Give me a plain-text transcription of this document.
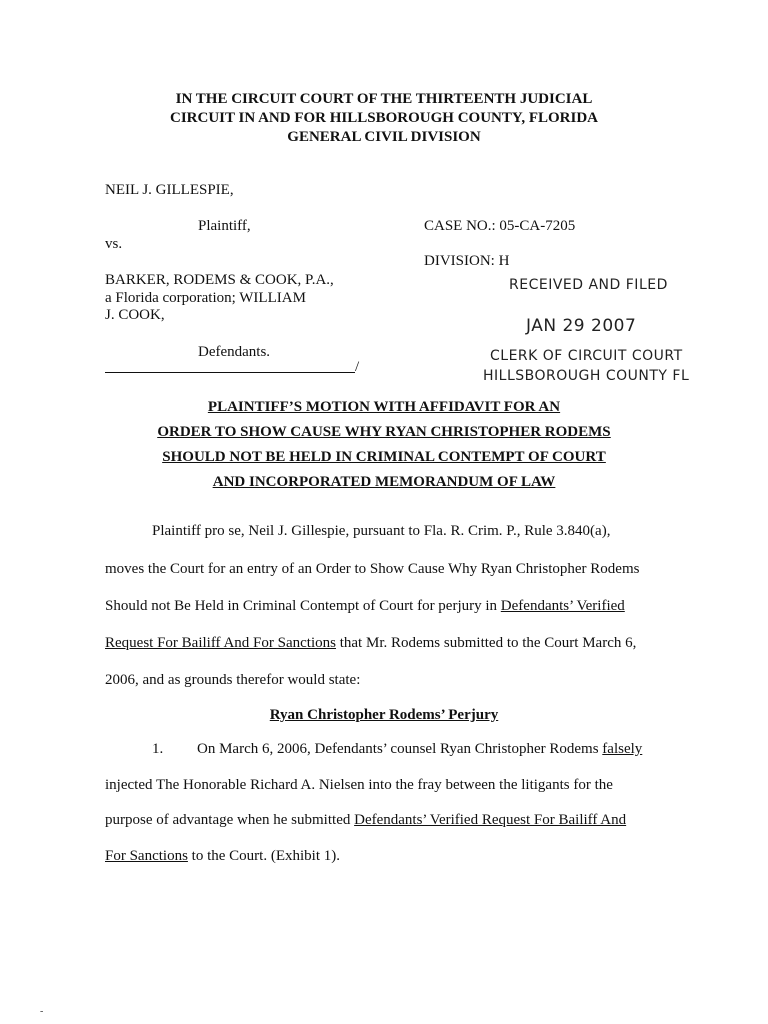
IN THE CIRCUIT COURT OF THE THIRTEENTH JUDICIAL
CIRCUIT IN AND FOR HILLSBOROUGH COUNTY, FLORIDA
GENERAL CIVIL DIVISION
NEIL J. GILLESPIE,
Plaintiff,
vs.
BARKER, RODEMS & COOK, P.A.,
a Florida corporation; WILLIAM
J. COOK,
Defendants.
/
CASE NO.: 05-CA-7205
DIVISION: H
RECEIVED AND FILED
JAN 29 2007
CLERK OF CIRCUIT COURT
HILLSBOROUGH COUNTY FL
PLAINTIFF’S MOTION WITH AFFIDAVIT FOR AN
ORDER TO SHOW CAUSE WHY RYAN CHRISTOPHER RODEMS
SHOULD NOT BE HELD IN CRIMINAL CONTEMPT OF COURT
AND INCORPORATED MEMORANDUM OF LAW
Plaintiff pro se, Neil J. Gillespie, pursuant to Fla. R. Crim. P., Rule 3.840(a),
moves the Court for an entry of an Order to Show Cause Why Ryan Christopher Rodems
Should not Be Held in Criminal Contempt of Court for perjury in Defendants’ Verified
Request For Bailiff And For Sanctions that Mr. Rodems submitted to the Court March 6,
2006, and as grounds therefor would state:
Ryan Christopher Rodems’ Perjury
1. On March 6, 2006, Defendants’ counsel Ryan Christopher Rodems falsely
injected The Honorable Richard A. Nielsen into the fray between the litigants for the
purpose of advantage when he submitted Defendants’ Verified Request For Bailiff And
For Sanctions to the Court. (Exhibit 1).
-
